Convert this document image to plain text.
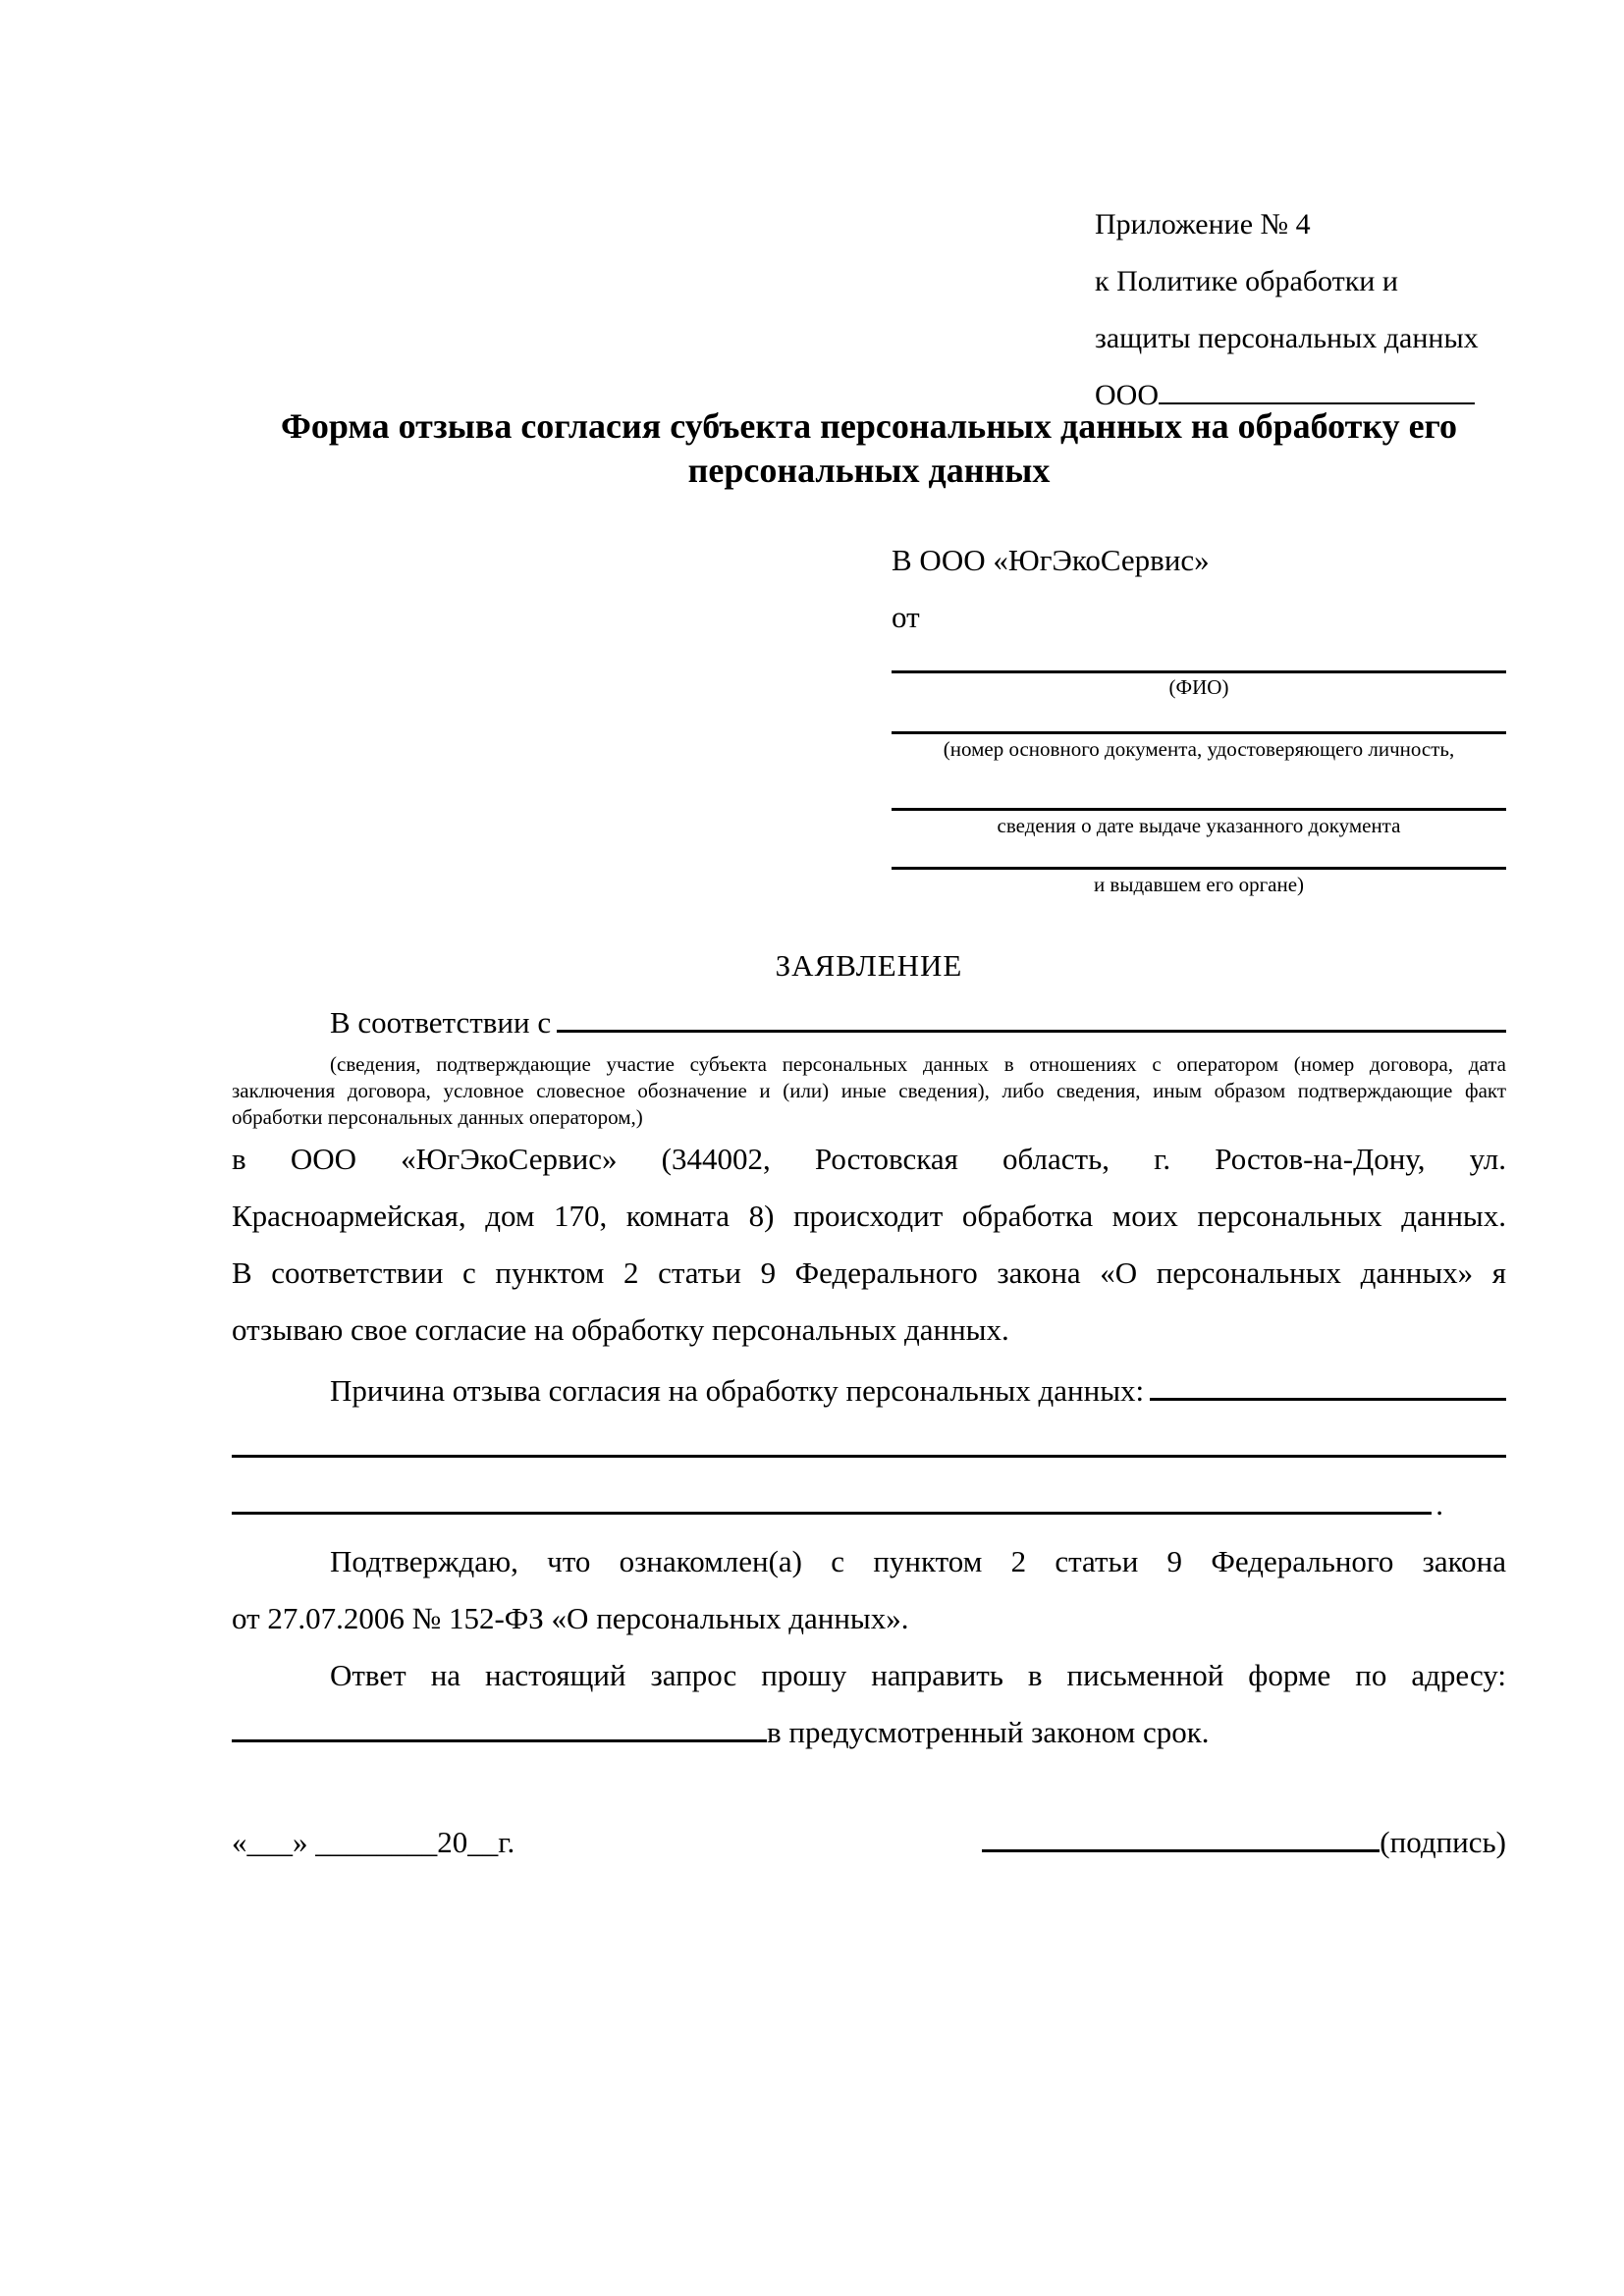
Приложение № 4
к Политике обработки и
защиты персональных данных
ООО
Форма отзыва согласия субъекта персональных данных на обработку его персональных данных
В ООО «ЮгЭкоСервис»
от
(ФИО)
(номер основного документа, удостоверяющего личность,
сведения о дате выдаче указанного документа
и выдавшем его органе)
ЗАЯВЛЕНИЕ
​ В соответствии с
(сведения, подтверждающие участие субъекта персональных данных в отношениях с оператором (номер договора, дата
заключения договора, условное словесное обозначение и (или) иные сведения), либо сведения, иным образом подтверждающие факт
обработки персональных данных оператором,)
в ООО «ЮгЭкоСервис» (344002, Ростовская область, г. Ростов-на-Дону, ул.
Красноармейская, дом 170, комната 8) происходит обработка моих персональных данных.
В соответствии с пунктом 2 статьи 9 Федерального закона «О персональных данных» я
отзываю свое согласие на обработку персональных данных.
​ Причина отзыва согласия на обработку персональных данных:
​
​ .
Подтверждаю, что ознакомлен(а) с пунктом 2 статьи 9 Федерального закона
от 27.07.2006 № 152-ФЗ «О персональных данных».
Ответ на настоящий запрос прошу направить в письменной форме по адресу:
в предусмотренный законом срок.
«___» ________20__г.	(подпись)
